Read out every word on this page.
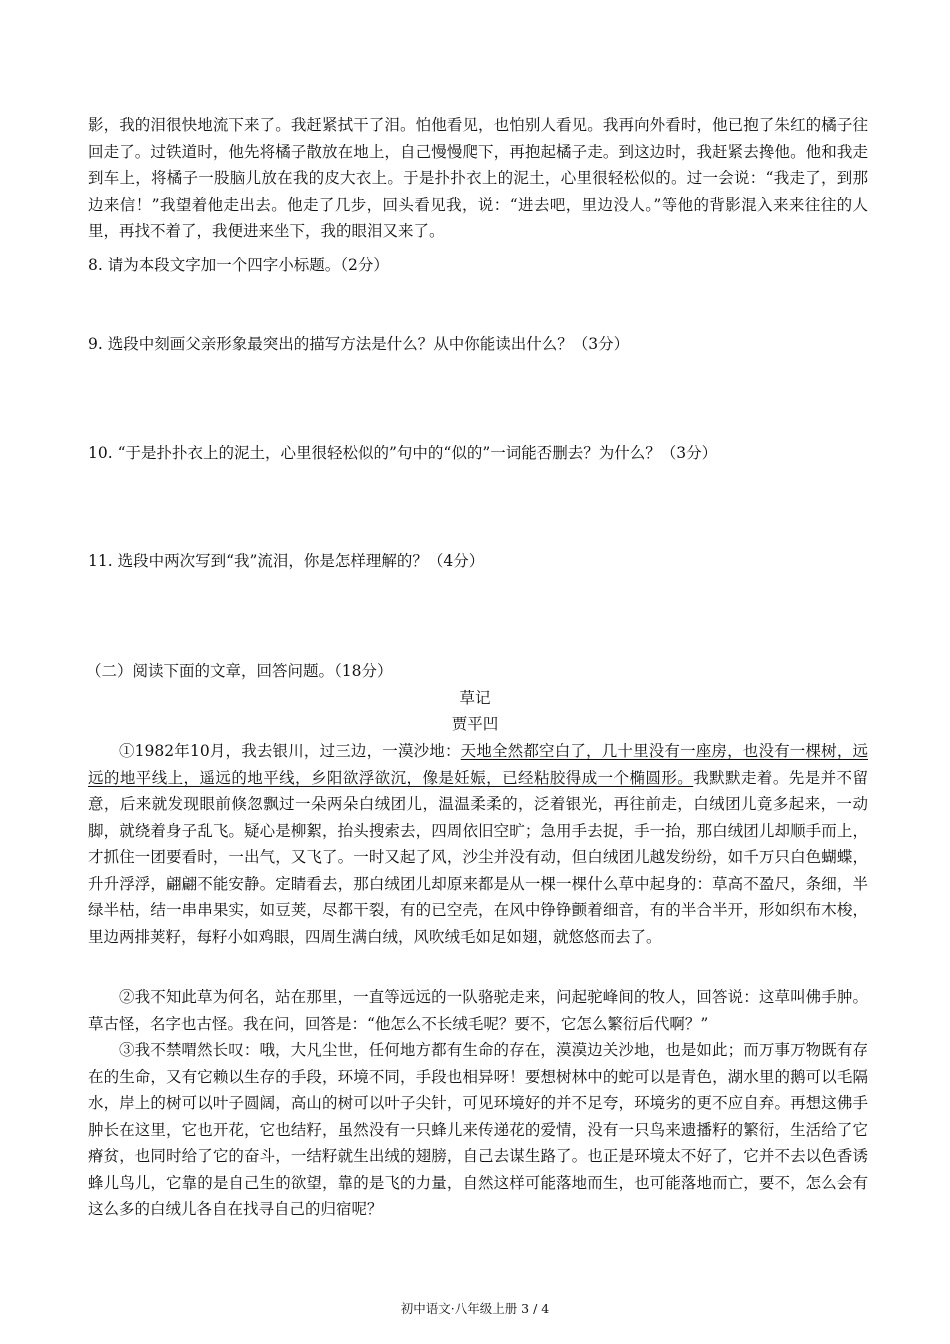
影，我的泪很快地流下来了。我赶紧拭干了泪。怕他看见，也怕别人看见。我再向外看时，他已抱了朱红的橘子往回走了。过铁道时，他先将橘子散放在地上，自己慢慢爬下，再抱起橘子走。到这边时，我赶紧去搀他。他和我走到车上，将橘子一股脑儿放在我的皮大衣上。于是扑扑衣上的泥土，心里很轻松似的。过一会说：“我走了，到那边来信！”我望着他走出去。他走了几步，回头看见我，说：“进去吧，里边没人。”等他的背影混入来来往往的人里，再找不着了，我便进来坐下，我的眼泪又来了。

8. 请为本段文字加一个四字小标题。（2分）

9. 选段中刻画父亲形象最突出的描写方法是什么？从中你能读出什么？（3分）

10. “于是扑扑衣上的泥土，心里很轻松似的”句中的“似的”一词能否删去？为什么？（3分）

11. 选段中两次写到“我”流泪，你是怎样理解的？（4分）

（二）阅读下面的文章，回答问题。（18分）

草记

贾平凹

①1982年10月，我去银川，过三边，一漠沙地：天地全然都空白了，几十里没有一座房，也没有一棵树，远远的地平线上，遥远的地平线，乡阳欲浮欲沉，像是妊娠，已经粘胶得成一个椭圆形。我默默走着。先是并不留意，后来就发现眼前倏忽飘过一朵两朵白绒团儿，温温柔柔的，泛着银光，再往前走，白绒团儿竟多起来，一动脚，就绕着身子乱飞。疑心是柳絮，抬头搜索去，四周依旧空旷；急用手去捉，手一抬，那白绒团儿却顺手而上，才抓住一团要看时，一出气，又飞了。一时又起了风，沙尘并没有动，但白绒团儿越发纷纷，如千万只白色蝴蝶，升升浮浮，翩翩不能安静。定睛看去，那白绒团儿却原来都是从一棵一棵什么草中起身的：草高不盈尺，条细，半绿半枯，结一串串果实，如豆荚，尽都干裂，有的已空壳，在风中铮铮颤着细音，有的半合半开，形如织布木梭，里边两排荚籽，每籽小如鸡眼，四周生满白绒，风吹绒毛如足如翅，就悠悠而去了。

②我不知此草为何名，站在那里，一直等远远的一队骆驼走来，问起驼峰间的牧人，回答说：这草叫佛手肿。草古怪，名字也古怪。我在问，回答是：“他怎么不长绒毛呢？要不，它怎么繁衍后代啊？”

③我不禁喟然长叹：哦，大凡尘世，任何地方都有生命的存在，漠漠边关沙地，也是如此；而万事万物既有存在的生命，又有它赖以生存的手段，环境不同，手段也相异呀！要想树林中的蛇可以是青色，湖水里的鹅可以毛隔水，岸上的树可以叶子圆阔，高山的树可以叶子尖针，可见环境好的并不足夸，环境劣的更不应自弃。再想这佛手肿长在这里，它也开花，它也结籽，虽然没有一只蜂儿来传递花的爱情，没有一只鸟来遗播籽的繁衍，生活给了它瘠贫，也同时给了它的奋斗，一结籽就生出绒的翅膀，自己去谋生路了。也正是环境太不好了，它并不去以色香诱蜂儿鸟儿，它靠的是自己生的欲望，靠的是飞的力量，自然这样可能落地而生，也可能落地而亡，要不，怎么会有这么多的白绒儿各自在找寻自己的归宿呢？

初中语文·八年级上册 3 / 4
